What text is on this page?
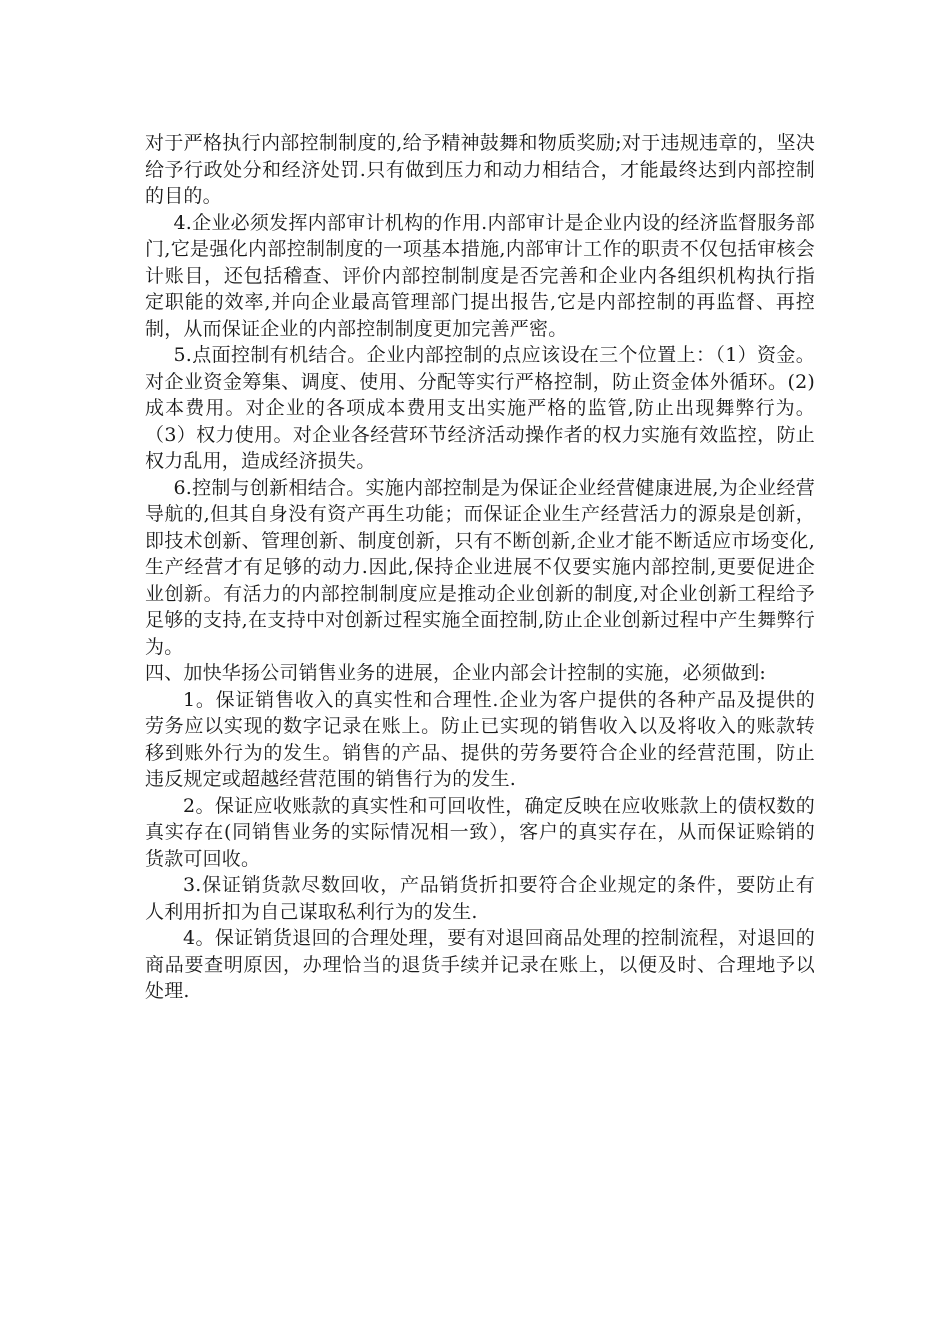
对于严格执行内部控制制度的,给予精神鼓舞和物质奖励;对于违规违章的，坚决给予行政处分和经济处罚.只有做到压力和动力相结合，才能最终达到内部控制的目的。

4.企业必须发挥内部审计机构的作用.内部审计是企业内设的经济监督服务部门,它是强化内部控制制度的一项基本措施,内部审计工作的职责不仅包括审核会计账目，还包括稽查、评价内部控制制度是否完善和企业内各组织机构执行指定职能的效率,并向企业最高管理部门提出报告,它是内部控制的再监督、再控制，从而保证企业的内部控制制度更加完善严密。

5.点面控制有机结合。企业内部控制的点应该设在三个位置上：（1）资金。对企业资金筹集、调度、使用、分配等实行严格控制，防止资金体外循环。(2)成本费用。对企业的各项成本费用支出实施严格的监管,防止出现舞弊行为。（3）权力使用。对企业各经营环节经济活动操作者的权力实施有效监控，防止权力乱用，造成经济损失。

6.控制与创新相结合。实施内部控制是为保证企业经营健康进展,为企业经营导航的,但其自身没有资产再生功能；而保证企业生产经营活力的源泉是创新，即技术创新、管理创新、制度创新，只有不断创新,企业才能不断适应市场变化,生产经营才有足够的动力.因此,保持企业进展不仅要实施内部控制,更要促进企业创新。有活力的内部控制制度应是推动企业创新的制度,对企业创新工程给予足够的支持,在支持中对创新过程实施全面控制,防止企业创新过程中产生舞弊行为。

四、加快华扬公司销售业务的进展，企业内部会计控制的实施，必须做到:

1。保证销售收入的真实性和合理性.企业为客户提供的各种产品及提供的劳务应以实现的数字记录在账上。防止已实现的销售收入以及将收入的账款转移到账外行为的发生。销售的产品、提供的劳务要符合企业的经营范围，防止违反规定或超越经营范围的销售行为的发生.

2。保证应收账款的真实性和可回收性，确定反映在应收账款上的债权数的真实存在(同销售业务的实际情况相一致），客户的真实存在，从而保证赊销的货款可回收。

3.保证销货款尽数回收，产品销货折扣要符合企业规定的条件，要防止有人利用折扣为自己谋取私利行为的发生.

4。保证销货退回的合理处理，要有对退回商品处理的控制流程，对退回的商品要查明原因，办理恰当的退货手续并记录在账上，以便及时、合理地予以处理.
